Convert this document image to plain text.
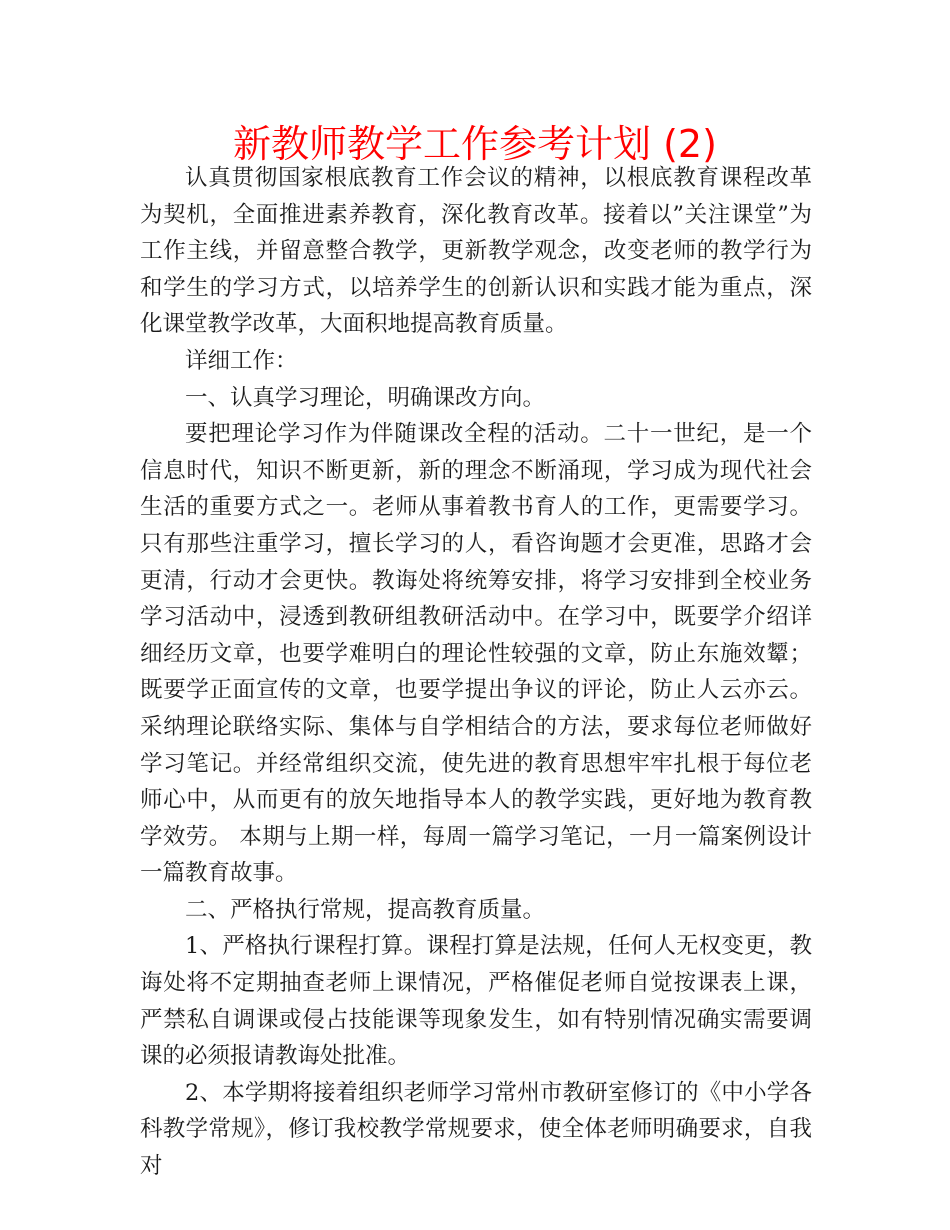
新教师教学工作参考计划 (2)

认真贯彻国家根底教育工作会议的精神，以根底教育课程改革为契机，全面推进素养教育，深化教育改革。接着以”关注课堂”为工作主线，并留意整合教学，更新教学观念，改变老师的教学行为和学生的学习方式，以培养学生的创新认识和实践才能为重点，深化课堂教学改革，大面积地提高教育质量。

详细工作：

一、认真学习理论，明确课改方向。

要把理论学习作为伴随课改全程的活动。二十一世纪，是一个信息时代，知识不断更新，新的理念不断涌现，学习成为现代社会生活的重要方式之一。老师从事着教书育人的工作，更需要学习。只有那些注重学习，擅长学习的人，看咨询题才会更准，思路才会更清，行动才会更快。教诲处将统筹安排，将学习安排到全校业务学习活动中，浸透到教研组教研活动中。在学习中，既要学介绍详细经历文章，也要学难明白的理论性较强的文章，防止东施效颦；既要学正面宣传的文章，也要学提出争议的评论，防止人云亦云。采纳理论联络实际、集体与自学相结合的方法，要求每位老师做好学习笔记。并经常组织交流，使先进的教育思想牢牢扎根于每位老师心中，从而更有的放矢地指导本人的教学实践，更好地为教育教学效劳。 本期与上期一样，每周一篇学习笔记，一月一篇案例设计一篇教育故事。

二、严格执行常规，提高教育质量。

1、严格执行课程打算。课程打算是法规，任何人无权变更，教诲处将不定期抽查老师上课情况，严格催促老师自觉按课表上课，严禁私自调课或侵占技能课等现象发生，如有特别情况确实需要调课的必须报请教诲处批准。

2、本学期将接着组织老师学习常州市教研室修订的《中小学各科教学常规》，修订我校教学常规要求，使全体老师明确要求，自我对
